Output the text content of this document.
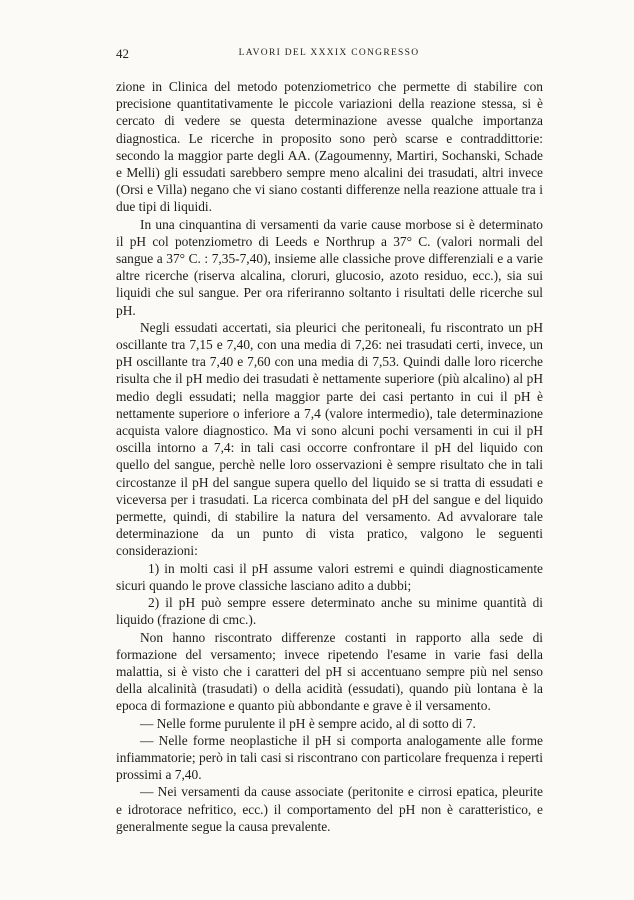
42	LAVORI DEL XXXIX CONGRESSO

zione in Clinica del metodo potenziometrico che permette di stabilire con precisione quantitativamente le piccole variazioni della reazione stessa, si è cercato di vedere se questa determinazione avesse qualche importanza diagnostica. Le ricerche in proposito sono però scarse e contraddittorie: secondo la maggior parte degli AA. (Zagoumenny, Martiri, Sochanski, Schade e Melli) gli essudati sarebbero sempre meno alcalini dei trasudati, altri invece (Orsi e Villa) negano che vi siano costanti differenze nella reazione attuale tra i due tipi di liquidi.

In una cinquantina di versamenti da varie cause morbose si è determinato il pH col potenziometro di Leeds e Northrup a 37° C. (valori normali del sangue a 37° C. : 7,35-7,40), insieme alle classiche prove differenziali e a varie altre ricerche (riserva alcalina, cloruri, glucosio, azoto residuo, ecc.), sia sui liquidi che sul sangue. Per ora riferiranno soltanto i risultati delle ricerche sul pH.

Negli essudati accertati, sia pleurici che peritoneali, fu riscontrato un pH oscillante tra 7,15 e 7,40, con una media di 7,26: nei trasudati certi, invece, un pH oscillante tra 7,40 e 7,60 con una media di 7,53. Quindi dalle loro ricerche risulta che il pH medio dei trasudati è nettamente superiore (più alcalino) al pH medio degli essudati; nella maggior parte dei casi pertanto in cui il pH è nettamente superiore o inferiore a 7,4 (valore intermedio), tale determinazione acquista valore diagnostico. Ma vi sono alcuni pochi versamenti in cui il pH oscilla intorno a 7,4: in tali casi occorre confrontare il pH del liquido con quello del sangue, perchè nelle loro osservazioni è sempre risultato che in tali circostanze il pH del sangue supera quello del liquido se si tratta di essudati e viceversa per i trasudati. La ricerca combinata del pH del sangue e del liquido permette, quindi, di stabilire la natura del versamento. Ad avvalorare tale determinazione da un punto di vista pratico, valgono le seguenti considerazioni:

1) in molti casi il pH assume valori estremi e quindi diagnosticamente sicuri quando le prove classiche lasciano adito a dubbi;

2) il pH può sempre essere determinato anche su minime quantità di liquido (frazione di cmc.).

Non hanno riscontrato differenze costanti in rapporto alla sede di formazione del versamento; invece ripetendo l'esame in varie fasi della malattia, si è visto che i caratteri del pH si accentuano sempre più nel senso della alcalinità (trasudati) o della acidità (essudati), quando più lontana è la epoca di formazione e quanto più abbondante e grave è il versamento.

— Nelle forme purulente il pH è sempre acido, al di sotto di 7.

— Nelle forme neoplastiche il pH si comporta analogamente alle forme infiammatorie; però in tali casi si riscontrano con particolare frequenza i reperti prossimi a 7,40.

— Nei versamenti da cause associate (peritonite e cirrosi epatica, pleurite e idrotorace nefritico, ecc.) il comportamento del pH non è caratteristico, e generalmente segue la causa prevalente.
